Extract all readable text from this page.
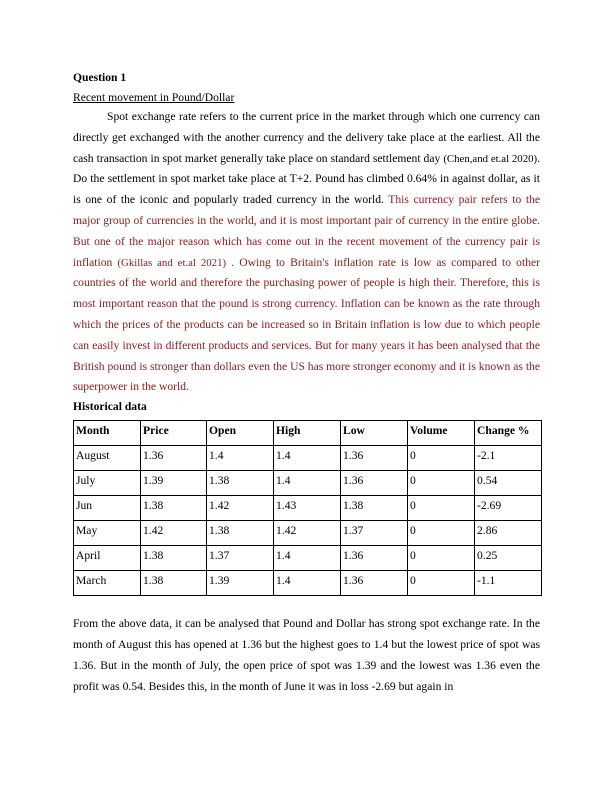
Question 1

Recent movement in Pound/Dollar

Spot exchange rate refers to the current price in the market through which one currency can directly get exchanged with the another currency and the delivery take place at the earliest. All the cash transaction in spot market generally take place on standard settlement day (Chen,and et.al 2020). Do the settlement in spot market take place at T+2. Pound has climbed 0.64% in against dollar, as it is one of the iconic and popularly traded currency in the world. This currency pair refers to the major group of currencies in the world, and it is most important pair of currency in the entire globe. But one of the major reason which has come out in the recent movement of the currency pair is inflation (Gkillas and et.al 2021) . Owing to Britain's inflation rate is low as compared to other countries of the world and therefore the purchasing power of people is high their. Therefore, this is most important reason that the pound is strong currency. Inflation can be known as the rate through which the prices of the products can be increased so in Britain inflation is low due to which people can easily invest in different products and services. But for many years it has been analysed that the British pound is stronger than dollars even the US has more stronger economy and it is known as the superpower in the world.

Historical data

Month	Price	Open	High	Low	Volume	Change %
August	1.36	1.4	1.4	1.36	0	-2.1
July	1.39	1.38	1.4	1.36	0	0.54
Jun	1.38	1.42	1.43	1.38	0	-2.69
May	1.42	1.38	1.42	1.37	0	2.86
April	1.38	1.37	1.4	1.36	0	0.25
March	1.38	1.39	1.4	1.36	0	-1.1

From the above data, it can be analysed that Pound and Dollar has strong spot exchange rate. In the month of August this has opened at 1.36 but the highest goes to 1.4 but the lowest price of spot was 1.36. But in the month of July, the open price of spot was 1.39 and the lowest was 1.36 even the profit was 0.54. Besides this, in the month of June it was in loss -2.69 but again in
